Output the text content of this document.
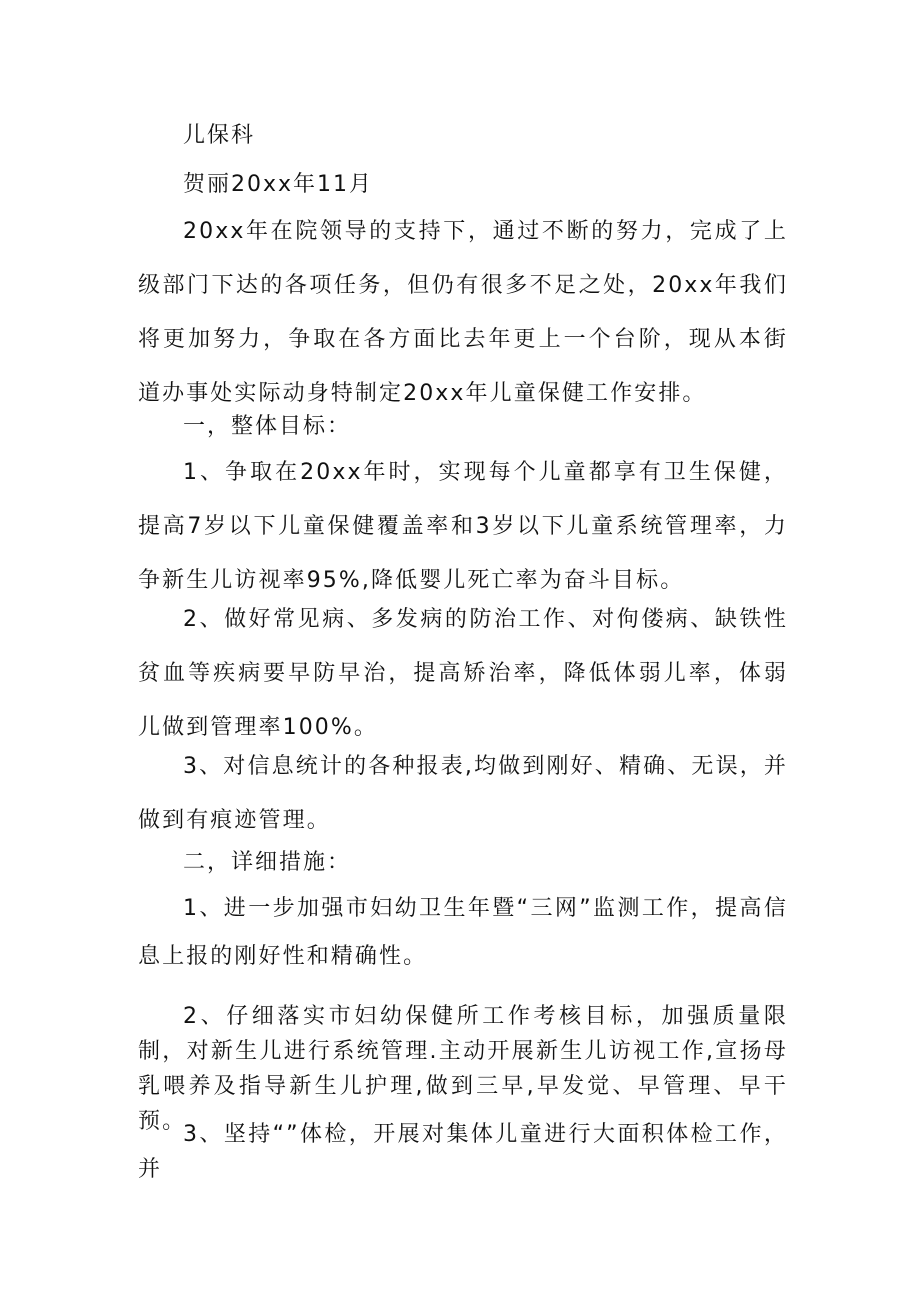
儿保科

贺丽20xx年11月

20xx年在院领导的支持下，通过不断的努力，完成了上级部门下达的各项任务，但仍有很多不足之处，20xx年我们将更加努力，争取在各方面比去年更上一个台阶，现从本街道办事处实际动身特制定20xx年儿童保健工作安排。

一，整体目标：

1、争取在20xx年时，实现每个儿童都享有卫生保健，提高7岁以下儿童保健覆盖率和3岁以下儿童系统管理率，力争新生儿访视率95%,降低婴儿死亡率为奋斗目标。

2、做好常见病、多发病的防治工作、对佝偻病、缺铁性贫血等疾病要早防早治，提高矫治率，降低体弱儿率，体弱儿做到管理率100%。

3、对信息统计的各种报表,均做到刚好、精确、无误，并做到有痕迹管理。

二，详细措施：

1、进一步加强市妇幼卫生年暨“三网”监测工作，提高信息上报的刚好性和精确性。

2、仔细落实市妇幼保健所工作考核目标，加强质量限制，对新生儿进行系统管理.主动开展新生儿访视工作,宣扬母乳喂养及指导新生儿护理,做到三早,早发觉、早管理、早干预。

3、坚持“”体检，开展对集体儿童进行大面积体检工作，并
